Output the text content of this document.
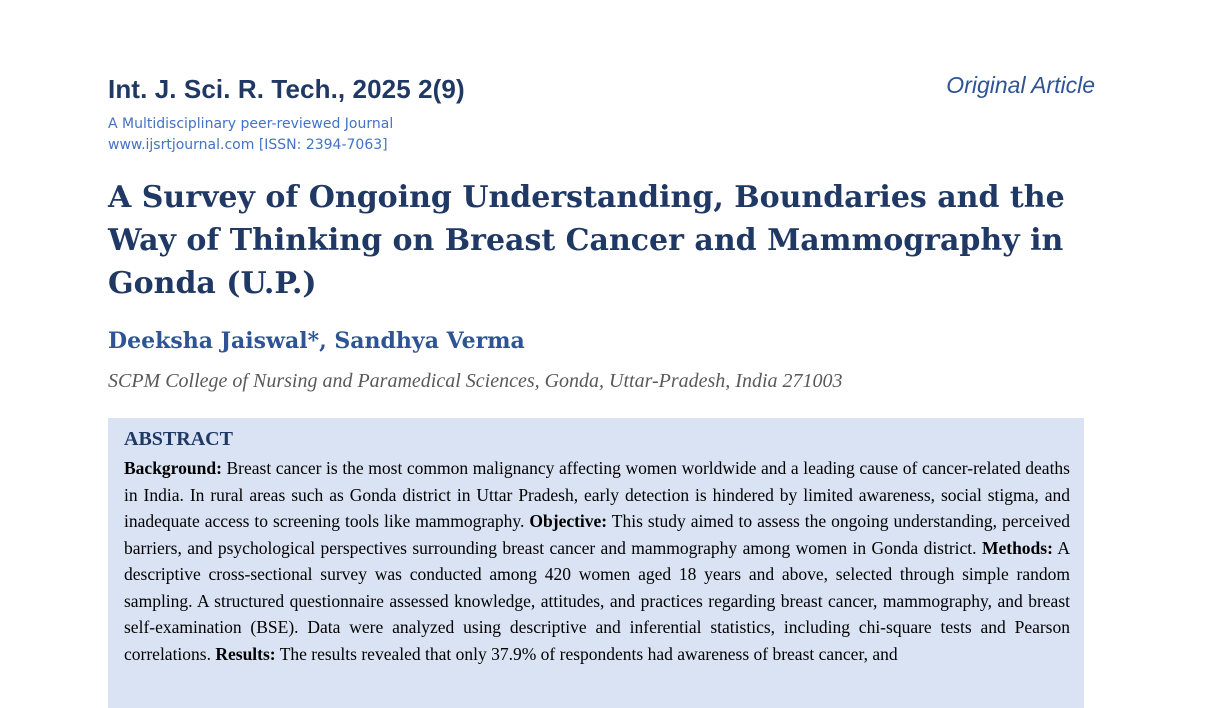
Int. J. Sci. R. Tech., 2025 2(9)	Original Article
A Multidisciplinary peer-reviewed Journal
www.ijsrtjournal.com [ISSN: 2394-7063]
A Survey of Ongoing Understanding, Boundaries and the Way of Thinking on Breast Cancer and Mammography in Gonda (U.P.)
Deeksha Jaiswal*, Sandhya Verma
SCPM College of Nursing and Paramedical Sciences, Gonda, Uttar-Pradesh, India 271003
ABSTRACT

Background: Breast cancer is the most common malignancy affecting women worldwide and a leading cause of cancer-related deaths in India. In rural areas such as Gonda district in Uttar Pradesh, early detection is hindered by limited awareness, social stigma, and inadequate access to screening tools like mammography. Objective: This study aimed to assess the ongoing understanding, perceived barriers, and psychological perspectives surrounding breast cancer and mammography among women in Gonda district. Methods: A descriptive cross-sectional survey was conducted among 420 women aged 18 years and above, selected through simple random sampling. A structured questionnaire assessed knowledge, attitudes, and practices regarding breast cancer, mammography, and breast self-examination (BSE). Data were analyzed using descriptive and inferential statistics, including chi-square tests and Pearson correlations. Results: The results revealed that only 37.9% of respondents had awareness of breast cancer, and
